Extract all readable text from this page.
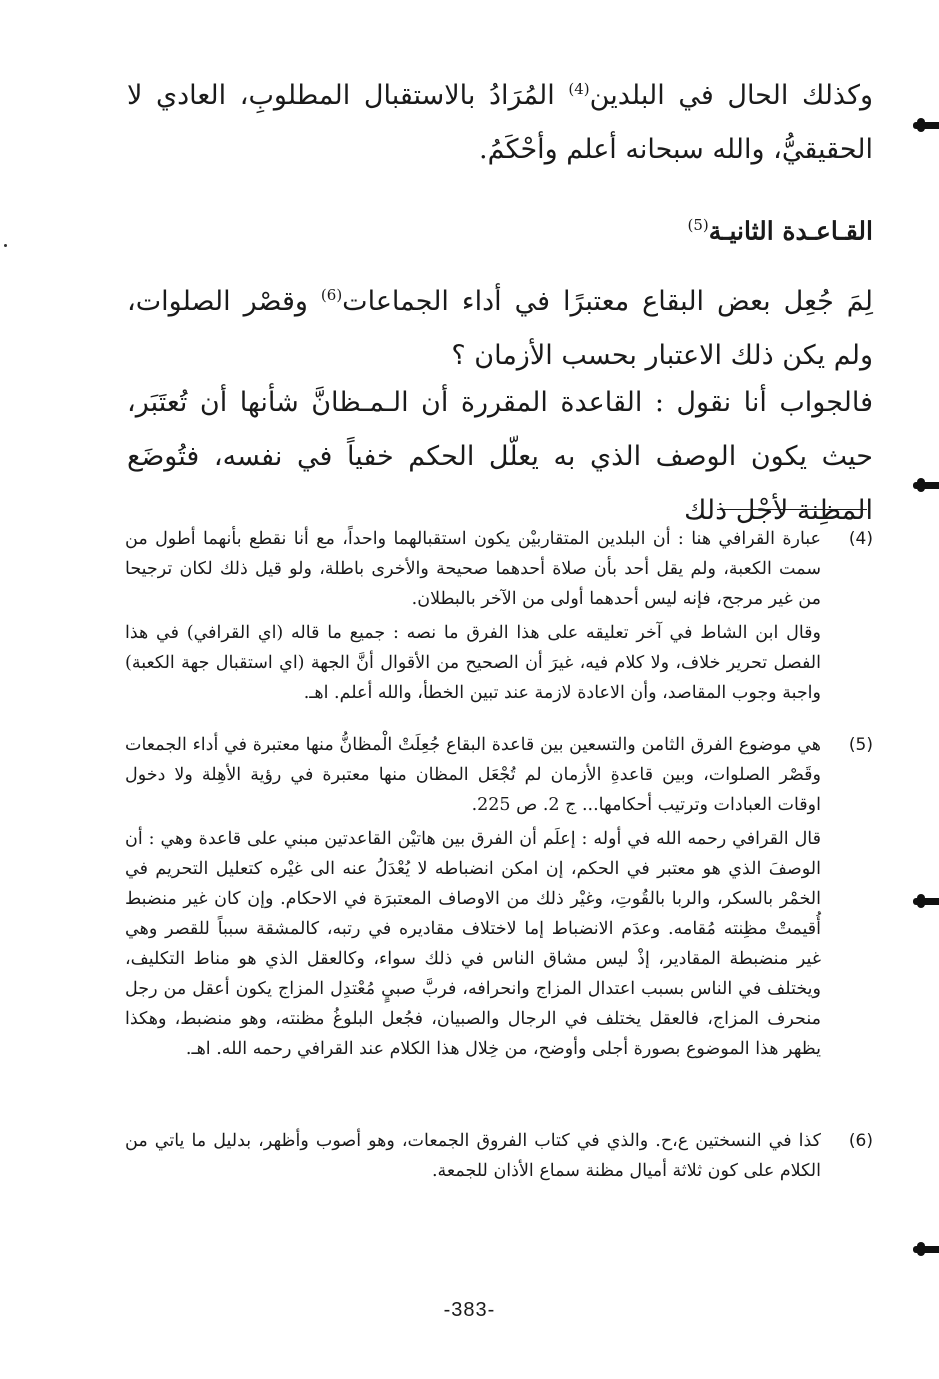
وكذلك الحال في البلدين$^{(4)}$ المُرَادُ بالاستقبال المطلوبِ، العادي لا الحقيقيُّ، والله سبحانه أعلم وأحْكَمُ.
القـاعـدة الثانيـة$^{(5)}$
لِمَ جُعِل بعض البقاع معتبرًا في أداء الجماعات$^{(6)}$ وقصْر الصلوات، ولم يكن ذلك الاعتبار بحسب الأزمان ؟
فالجواب أنا نقول : القاعدة المقررة أن الـمـظانَّ شأنها أن تُعتَبَر، حيث يكون الوصف الذي به يعلّل الحكم خفياً في نفسه، فتُوضَع المظِنة لأجْل ذلك
(4)

عبارة القرافي هنا : أن البلدين المتقاربيْن يكون استقبالهما واحداً، مع أنا نقطع بأنهما أطول من سمت الكعبة، ولم يقل أحد بأن صلاة أحدهما صحيحة والأخرى باطلة، ولو قيل ذلك لكان ترجيحا من غير مرجح، فإنه ليس أحدهما أولى من الآخر بالبطلان.

وقال ابن الشاط في آخر تعليقه على هذا الفرق ما نصه : جميع ما قاله (اي القرافي) في هذا الفصل تحرير خلاف، ولا كلام فيه، غيرَ أن الصحيح من الأقوال أنَّ الجهة (اي استقبال جهة الكعبة) واجبة وجوب المقاصد، وأن الاعادة لازمة عند تبين الخطأ، والله أعلم. اهـ.

(5)

هي موضوع الفرق الثامن والتسعين بين قاعدة البقاع جُعِلَتْ الْمظانُّ منها معتبرة في أداء الجمعات وقَصْر الصلوات، وبين قاعدةِ الأزمان لم تُجْعَل المظان منها معتبرة في رؤية الأهِلة ولا دخول اوقات العبادات وترتيب أحكامها... ج 2. ص 225.

قال القرافي رحمه الله في أوله : إعلَم أن الفرق بين هاتيْن القاعدتين مبني على قاعدة وهي : أن الوصفَ الذي هو معتبر في الحكم، إن امكن انضباطه لا يُعْدَلُ عنه الى غيْره كتعليل التحريم في الخمْر بالسكر، والربا بالقُوتِ، وغيْر ذلك من الاوصاف المعتبرَة في الاحكام. وإن كان غير منضبط أُقيمتْ مظِنته مُقامه. وعدَم الانضباط إما لاختلاف مقاديره في رتبه، كالمشقة سبباً للقصر وهي غير منضبطة المقادير، إذْ ليس مشاق الناس في ذلك سواء، وكالعقل الذي هو مناط التكليف، ويختلف في الناس بسبب اعتدال المزاج وانحرافه، فربَّ صبيٍ مُعْتدِل المزاج يكون أعقل من رجل منحرف المزاج، فالعقل يختلف في الرجال والصبيان، فجُعل البلوغُ مظنته، وهو منضبط، وهكذا يظهر هذا الموضوع بصورة أجلى وأوضح، من خِلال هذا الكلام عند القرافي رحمه الله. اهـ.

(6)

كذا في النسختين ع،ح. والذي في كتاب الفروق الجمعات، وهو أصوب وأظهر، بدليل ما ياتي من الكلام على كون ثلاثة أميال مظنة سماع الأذان للجمعة.

-383-
